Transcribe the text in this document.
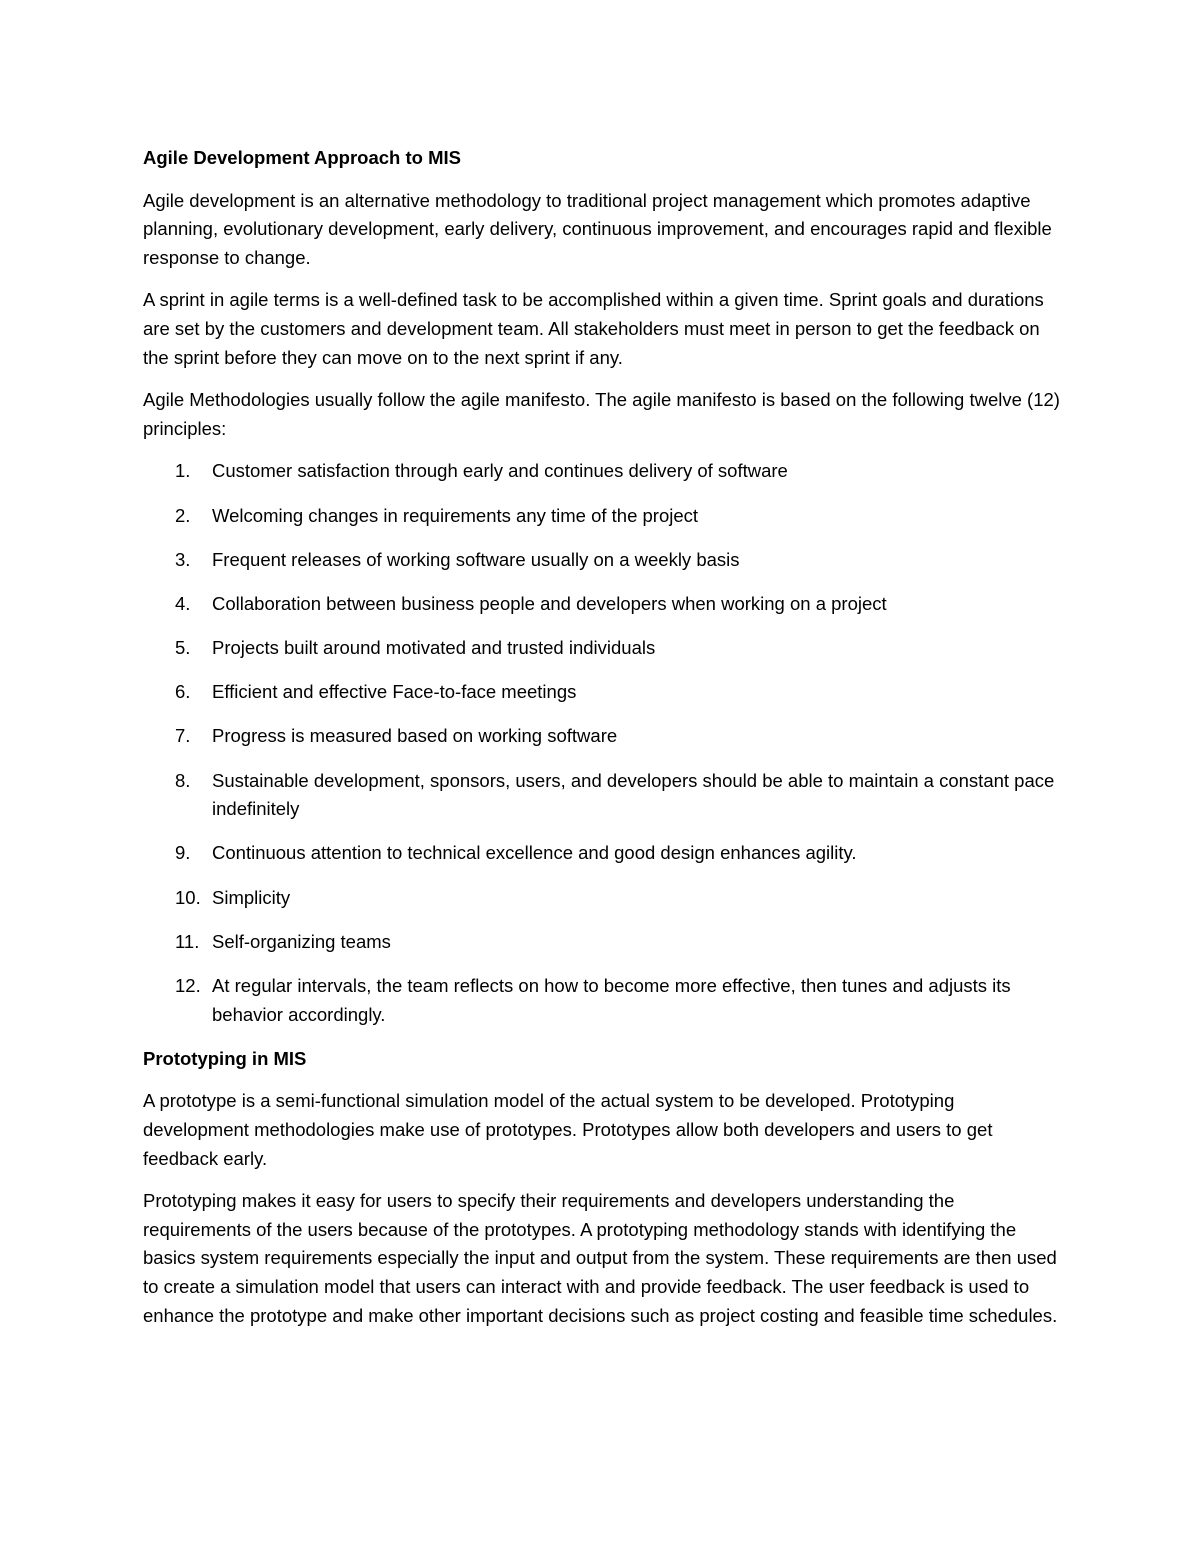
Agile Development Approach to MIS

Agile development is an alternative methodology to traditional project management which promotes adaptive planning, evolutionary development, early delivery, continuous improvement, and encourages rapid and flexible response to change.

A sprint in agile terms is a well-defined task to be accomplished within a given time. Sprint goals and durations are set by the customers and development team. All stakeholders must meet in person to get the feedback on the sprint before they can move on to the next sprint if any.

Agile Methodologies usually follow the agile manifesto. The agile manifesto is based on the following twelve (12) principles:

1.	Customer satisfaction through early and continues delivery of software
2.	Welcoming changes in requirements any time of the project
3.	Frequent releases of working software usually on a weekly basis
4.	Collaboration between business people and developers when working on a project
5.	Projects built around motivated and trusted individuals
6.	Efficient and effective Face-to-face meetings
7.	Progress is measured based on working software
8.	Sustainable development, sponsors, users, and developers should be able to maintain a constant pace indefinitely
9.	Continuous attention to technical excellence and good design enhances agility.
10. Simplicity
11. Self-organizing teams
12. At regular intervals, the team reflects on how to become more effective, then tunes and adjusts its behavior accordingly.
Prototyping in MIS

A prototype is a semi-functional simulation model of the actual system to be developed. Prototyping development methodologies make use of prototypes. Prototypes allow both developers and users to get feedback early.

Prototyping makes it easy for users to specify their requirements and developers understanding the requirements of the users because of the prototypes. A prototyping methodology stands with identifying the basics system requirements especially the input and output from the system. These requirements are then used to create a simulation model that users can interact with and provide feedback. The user feedback is used to enhance the prototype and make other important decisions such as project costing and feasible time schedules.
